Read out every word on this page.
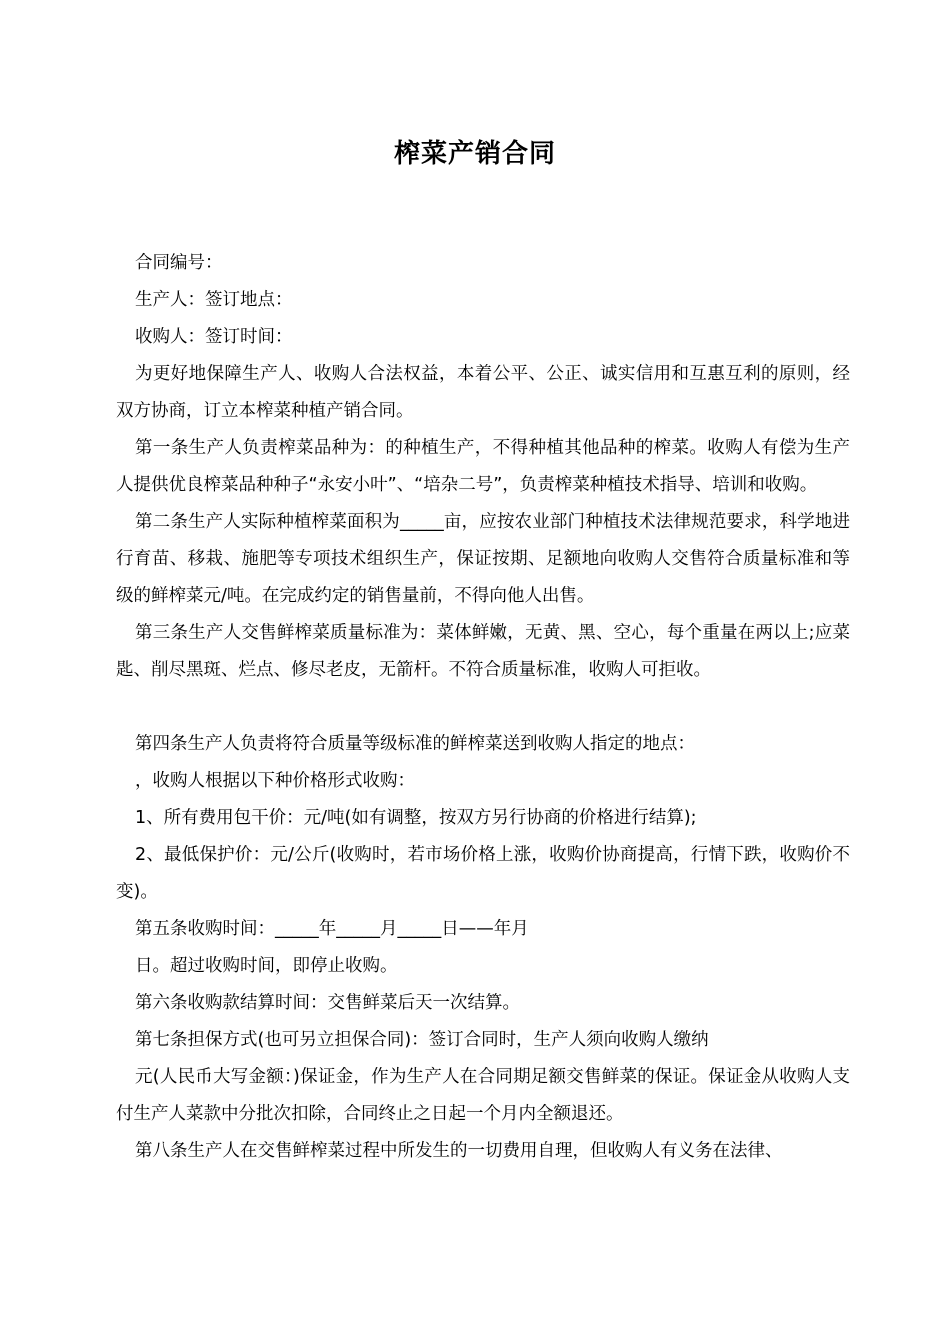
榨菜产销合同

合同编号：

生产人：签订地点：

收购人：签订时间：

为更好地保障生产人、收购人合法权益，本着公平、公正、诚实信用和互惠互利的原则，经双方协商，订立本榨菜种植产销合同。

第一条生产人负责榨菜品种为：的种植生产，不得种植其他品种的榨菜。收购人有偿为生产人提供优良榨菜品种种子“永安小叶”、“培杂二号”，负责榨菜种植技术指导、培训和收购。

第二条生产人实际种植榨菜面积为_____亩，应按农业部门种植技术法律规范要求，科学地进行育苗、移栽、施肥等专项技术组织生产，保证按期、足额地向收购人交售符合质量标准和等级的鲜榨菜元/吨。在完成约定的销售量前，不得向他人出售。

第三条生产人交售鲜榨菜质量标准为：菜体鲜嫩，无黄、黑、空心，每个重量在两以上;应菜匙、削尽黑斑、烂点、修尽老皮，无箭杆。不符合质量标准，收购人可拒收。

第四条生产人负责将符合质量等级标准的鲜榨菜送到收购人指定的地点：

，收购人根据以下种价格形式收购：

1、所有费用包干价：元/吨(如有调整，按双方另行协商的价格进行结算);

2、最低保护价：元/公斤(收购时，若市场价格上涨，收购价协商提高，行情下跌，收购价不变)。

第五条收购时间：_____年_____月_____日——年月

日。超过收购时间，即停止收购。

第六条收购款结算时间：交售鲜菜后天一次结算。

第七条担保方式(也可另立担保合同)：签订合同时，生产人须向收购人缴纳

元(人民币大写金额：)保证金，作为生产人在合同期足额交售鲜菜的保证。保证金从收购人支付生产人菜款中分批次扣除，合同终止之日起一个月内全额退还。

第八条生产人在交售鲜榨菜过程中所发生的一切费用自理，但收购人有义务在法律、
